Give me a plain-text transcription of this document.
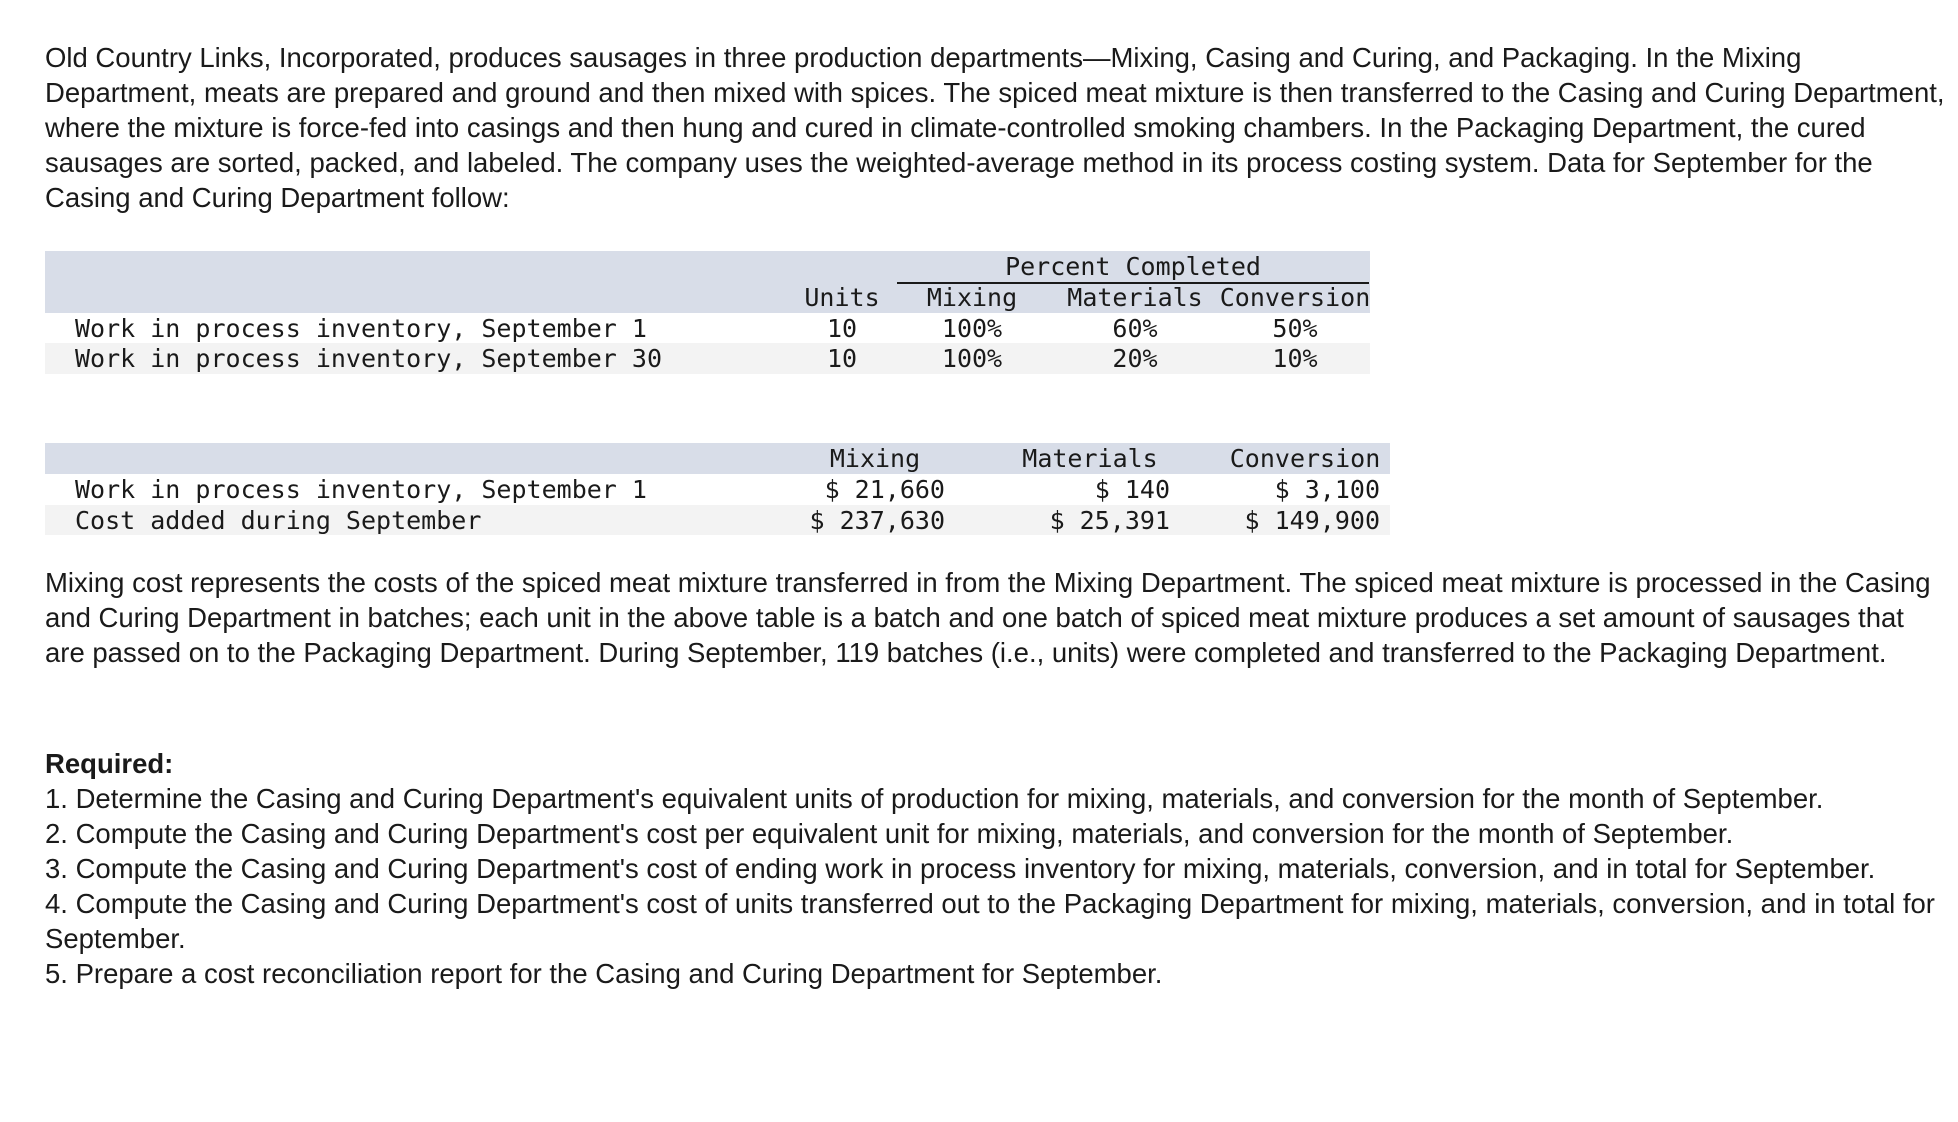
Old Country Links, Incorporated, produces sausages in three production departments—Mixing, Casing and Curing, and Packaging. In the Mixing Department, meats are prepared and ground and then mixed with spices. The spiced meat mixture is then transferred to the Casing and Curing Department, where the mixture is force-fed into casings and then hung and cured in climate-controlled smoking chambers. In the Packaging Department, the cured sausages are sorted, packed, and labeled. The company uses the weighted-average method in its process costing system. Data for September for the Casing and Curing Department follow:

Percent Completed
Units	Mixing	Materials Conversion
Work in process inventory, September 1	10	100%	60%	50%
Work in process inventory, September 30	10	100%	20%	10%
Mixing	Materials	Conversion
Work in process inventory, September 1	$ 21,660	$ 140	$ 3,100
Cost added during September	$ 237,630	$ 25,391	$ 149,900

Mixing cost represents the costs of the spiced meat mixture transferred in from the Mixing Department. The spiced meat mixture is processed in the Casing and Curing Department in batches; each unit in the above table is a batch and one batch of spiced meat mixture produces a set amount of sausages that are passed on to the Packaging Department. During September, 119 batches (i.e., units) were completed and transferred to the Packaging Department.

Required:
1. Determine the Casing and Curing Department's equivalent units of production for mixing, materials, and conversion for the month of September.
2. Compute the Casing and Curing Department's cost per equivalent unit for mixing, materials, and conversion for the month of September.
3. Compute the Casing and Curing Department's cost of ending work in process inventory for mixing, materials, conversion, and in total for September.
4. Compute the Casing and Curing Department's cost of units transferred out to the Packaging Department for mixing, materials, conversion, and in total for September.
5. Prepare a cost reconciliation report for the Casing and Curing Department for September.
